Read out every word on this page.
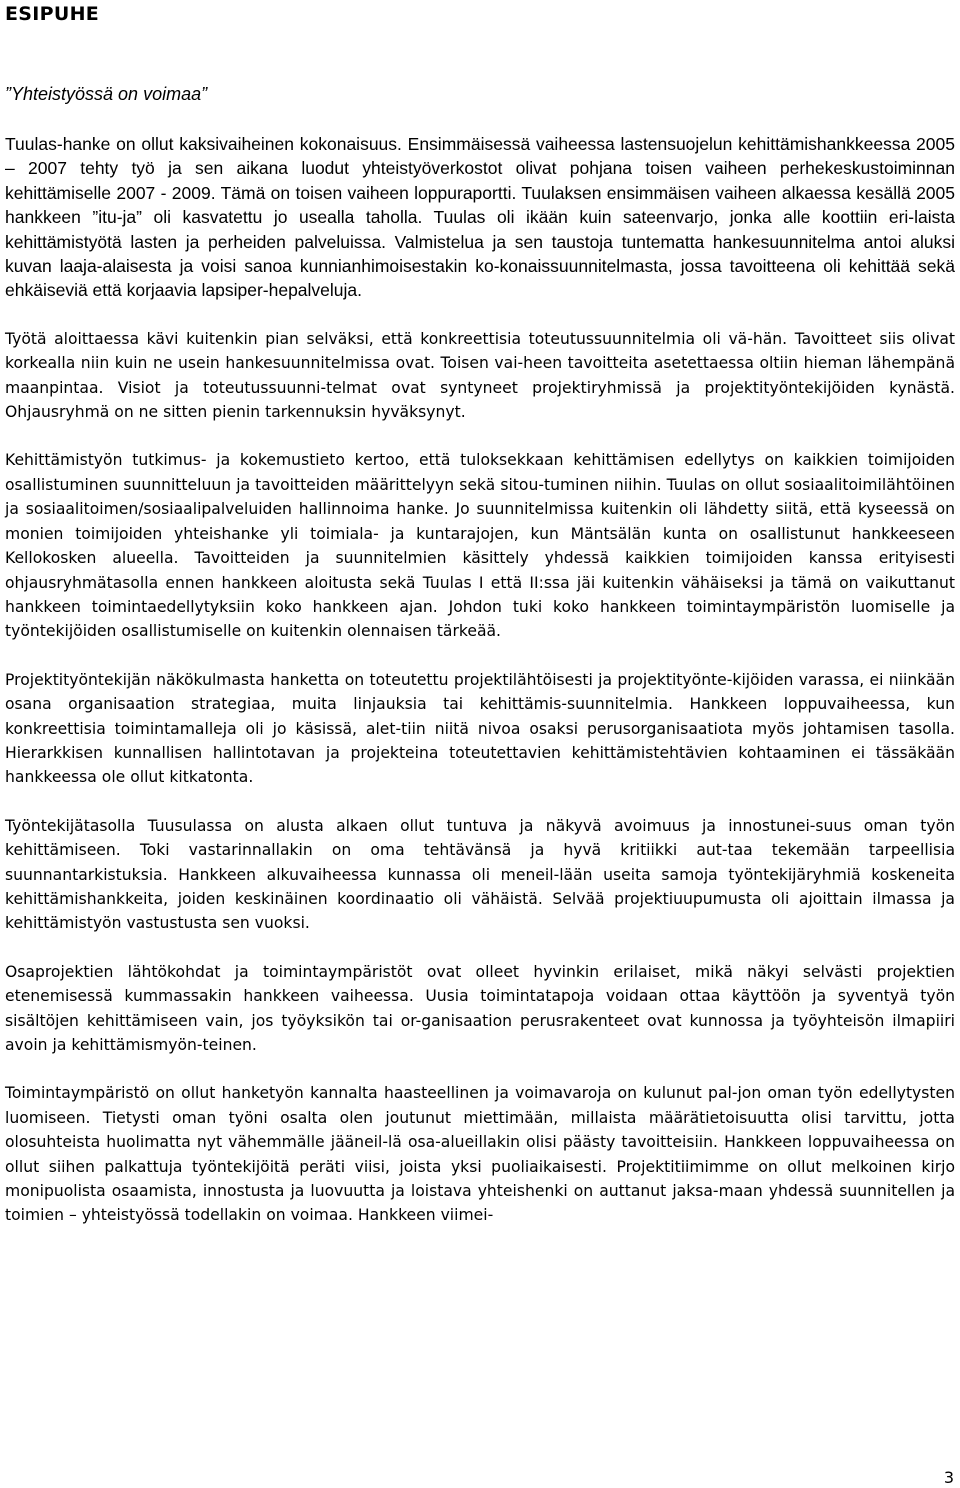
ESIPUHE

”Yhteistyössä on voimaa”

Tuulas-hanke on ollut kaksivaiheinen kokonaisuus. Ensimmäisessä vaiheessa lastensuojelun kehittämishankkeessa 2005 – 2007 tehty työ ja sen aikana luodut yhteistyöverkostot olivat pohjana toisen vaiheen perhekeskustoiminnan kehittämiselle 2007 - 2009. Tämä on toisen vaiheen loppuraportti. Tuulaksen ensimmäisen vaiheen alkaessa kesällä 2005 hankkeen ”itu-ja” oli kasvatettu jo usealla taholla. Tuulas oli ikään kuin sateenvarjo, jonka alle koottiin eri-laista kehittämistyötä lasten ja perheiden palveluissa. Valmistelua ja sen taustoja tuntematta hankesuunnitelma antoi aluksi kuvan laaja-alaisesta ja voisi sanoa kunnianhimoisestakin ko-konaissuunnitelmasta, jossa tavoitteena oli kehittää sekä ehkäiseviä että korjaavia lapsiper-hepalveluja.

Työtä aloittaessa kävi kuitenkin pian selväksi, että konkreettisia toteutussuunnitelmia oli vä-hän. Tavoitteet siis olivat korkealla niin kuin ne usein hankesuunnitelmissa ovat. Toisen vai-heen tavoitteita asetettaessa oltiin hieman lähempänä maanpintaa. Visiot ja toteutussuunni-telmat ovat syntyneet projektiryhmissä ja projektityöntekijöiden kynästä. Ohjausryhmä on ne sitten pienin tarkennuksin hyväksynyt.

Kehittämistyön tutkimus- ja kokemustieto kertoo, että tuloksekkaan kehittämisen edellytys on kaikkien toimijoiden osallistuminen suunnitteluun ja tavoitteiden määrittelyyn sekä sitou-tuminen niihin. Tuulas on ollut sosiaalitoimilähtöinen ja sosiaalitoimen/sosiaalipalveluiden hallinnoima hanke. Jo suunnitelmissa kuitenkin oli lähdetty siitä, että kyseessä on monien toimijoiden yhteishanke yli toimiala- ja kuntarajojen, kun Mäntsälän kunta on osallistunut hankkeeseen Kellokosken alueella. Tavoitteiden ja suunnitelmien käsittely yhdessä kaikkien toimijoiden kanssa erityisesti ohjausryhmätasolla ennen hankkeen aloitusta sekä Tuulas I että II:ssa jäi kuitenkin vähäiseksi ja tämä on vaikuttanut hankkeen toimintaedellytyksiin koko hankkeen ajan. Johdon tuki koko hankkeen toimintaympäristön luomiselle ja työntekijöiden osallistumiselle on kuitenkin olennaisen tärkeää.

Projektityöntekijän näkökulmasta hanketta on toteutettu projektilähtöisesti ja projektityönte-kijöiden varassa, ei niinkään osana organisaation strategiaa, muita linjauksia tai kehittämis-suunnitelmia. Hankkeen loppuvaiheessa, kun konkreettisia toimintamalleja oli jo käsissä, alet-tiin niitä nivoa osaksi perusorganisaatiota myös johtamisen tasolla. Hierarkkisen kunnallisen hallintotavan ja projekteina toteutettavien kehittämistehtävien kohtaaminen ei tässäkään hankkeessa ole ollut kitkatonta.

Työntekijätasolla Tuusulassa on alusta alkaen ollut tuntuva ja näkyvä avoimuus ja innostunei-suus oman työn kehittämiseen. Toki vastarinnallakin on oma tehtävänsä ja hyvä kritiikki aut-taa tekemään tarpeellisia suunnantarkistuksia. Hankkeen alkuvaiheessa kunnassa oli meneil-lään useita samoja työntekijäryhmiä koskeneita kehittämishankkeita, joiden keskinäinen koordinaatio oli vähäistä. Selvää projektiuupumusta oli ajoittain ilmassa ja kehittämistyön vastustusta sen vuoksi.

Osaprojektien lähtökohdat ja toimintaympäristöt ovat olleet hyvinkin erilaiset, mikä näkyi selvästi projektien etenemisessä kummassakin hankkeen vaiheessa. Uusia toimintatapoja voidaan ottaa käyttöön ja syventyä työn sisältöjen kehittämiseen vain, jos työyksikön tai or-ganisaation perusrakenteet ovat kunnossa ja työyhteisön ilmapiiri avoin ja kehittämismyön-teinen.

Toimintaympäristö on ollut hanketyön kannalta haasteellinen ja voimavaroja on kulunut pal-jon oman työn edellytysten luomiseen. Tietysti oman työni osalta olen joutunut miettimään, millaista määrätietoisuutta olisi tarvittu, jotta olosuhteista huolimatta nyt vähemmälle jääneil-lä osa-alueillakin olisi päästy tavoitteisiin. Hankkeen loppuvaiheessa on ollut siihen palkattuja työntekijöitä peräti viisi, joista yksi puoliaikaisesti. Projektitiimimme on ollut melkoinen kirjo monipuolista osaamista, innostusta ja luovuutta ja loistava yhteishenki on auttanut jaksa-maan yhdessä suunnitellen ja toimien – yhteistyössä todellakin on voimaa. Hankkeen viimei-

3
